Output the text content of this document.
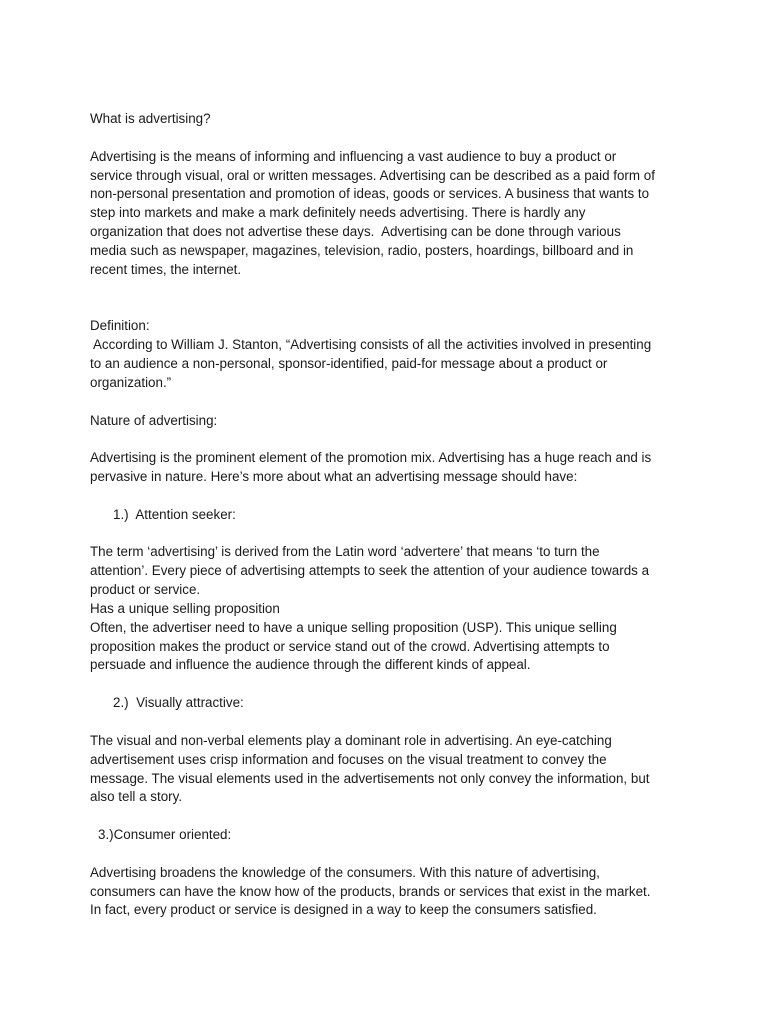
What is advertising?
Advertising is the means of informing and influencing a vast audience to buy a product or
service through visual, oral or written messages. Advertising can be described as a paid form of
non-personal presentation and promotion of ideas, goods or services. A business that wants to
step into markets and make a mark definitely needs advertising. There is hardly any
organization that does not advertise these days.  Advertising can be done through various
media such as newspaper, magazines, television, radio, posters, hoardings, billboard and in
recent times, the internet.
Definition:
According to William J. Stanton, “Advertising consists of all the activities involved in presenting
to an audience a non-personal, sponsor-identified, paid-for message about a product or
organization.”
Nature of advertising:
Advertising is the prominent element of the promotion mix. Advertising has a huge reach and is
pervasive in nature. Here’s more about what an advertising message should have:
1.)  Attention seeker:
The term ‘advertising’ is derived from the Latin word ‘advertere’ that means ‘to turn the
attention’. Every piece of advertising attempts to seek the attention of your audience towards a
product or service.
Has a unique selling proposition
Often, the advertiser need to have a unique selling proposition (USP). This unique selling
proposition makes the product or service stand out of the crowd. Advertising attempts to
persuade and influence the audience through the different kinds of appeal.
2.)  Visually attractive:
The visual and non-verbal elements play a dominant role in advertising. An eye-catching
advertisement uses crisp information and focuses on the visual treatment to convey the
message. The visual elements used in the advertisements not only convey the information, but
also tell a story.
3.)Consumer oriented:
Advertising broadens the knowledge of the consumers. With this nature of advertising,
consumers can have the know how of the products, brands or services that exist in the market.
In fact, every product or service is designed in a way to keep the consumers satisfied.
